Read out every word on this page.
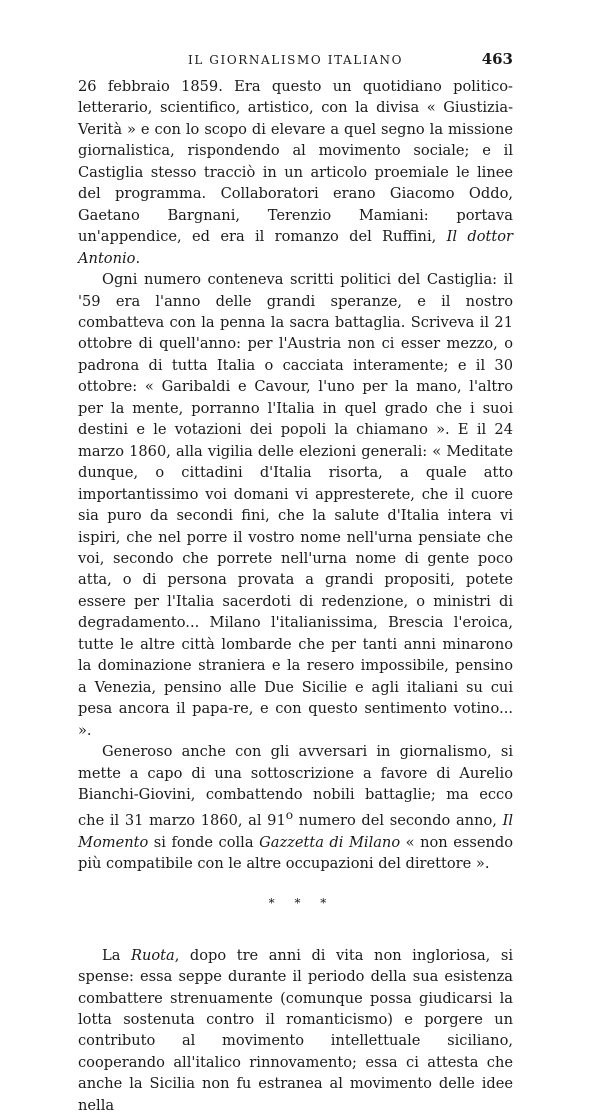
IL GIORNALISMO ITALIANO	463

26 febbraio 1859. Era questo un quotidiano politico-letterario, scientifico, artistico, con la divisa « Giustizia-Verità » e con lo scopo di elevare a quel segno la missione giornalistica, rispondendo al movimento sociale; e il Castiglia stesso tracciò in un articolo proemiale le linee del programma. Collaboratori erano Giacomo Oddo, Gaetano Bargnani, Terenzio Mamiani: portava un'appendice, ed era il romanzo del Ruffini, Il dottor Antonio.

Ogni numero conteneva scritti politici del Castiglia: il '59 era l'anno delle grandi speranze, e il nostro combatteva con la penna la sacra battaglia. Scriveva il 21 ottobre di quell'anno: per l'Austria non ci esser mezzo, o padrona di tutta Italia o cacciata interamente; e il 30 ottobre: « Garibaldi e Cavour, l'uno per la mano, l'altro per la mente, porranno l'Italia in quel grado che i suoi destini e le votazioni dei popoli la chiamano ». E il 24 marzo 1860, alla vigilia delle elezioni generali: « Meditate dunque, o cittadini d'Italia risorta, a quale atto importantissimo voi domani vi appresterete, che il cuore sia puro da secondi fini, che la salute d'Italia intera vi ispiri, che nel porre il vostro nome nell'urna pensiate che voi, secondo che porrete nell'urna nome di gente poco atta, o di persona provata a grandi propositi, potete essere per l'Italia sacerdoti di redenzione, o ministri di degradamento... Milano l'italianissima, Brescia l'eroica, tutte le altre città lombarde che per tanti anni minarono la dominazione straniera e la resero impossibile, pensino a Venezia, pensino alle Due Sicilie e agli italiani su cui pesa ancora il papa-re, e con questo sentimento votino... ».

Generoso anche con gli avversari in giornalismo, si mette a capo di una sottoscrizione a favore di Aurelio Bianchi-Giovini, combattendo nobili battaglie; ma ecco che il 31 marzo 1860, al 91$^o$ numero del secondo anno, Il Momento si fonde colla Gazzetta di Milano « non essendo più compatibile con le altre occupazioni del direttore ».

* * *

La Ruota, dopo tre anni di vita non ingloriosa, si spense: essa seppe durante il periodo della sua esistenza combattere strenuamente (comunque possa giudicarsi la lotta sostenuta contro il romanticismo) e porgere un contributo al movimento intellettuale siciliano, cooperando all'italico rinnovamento; essa ci attesta che anche la Sicilia non fu estranea al movimento delle idee nella
